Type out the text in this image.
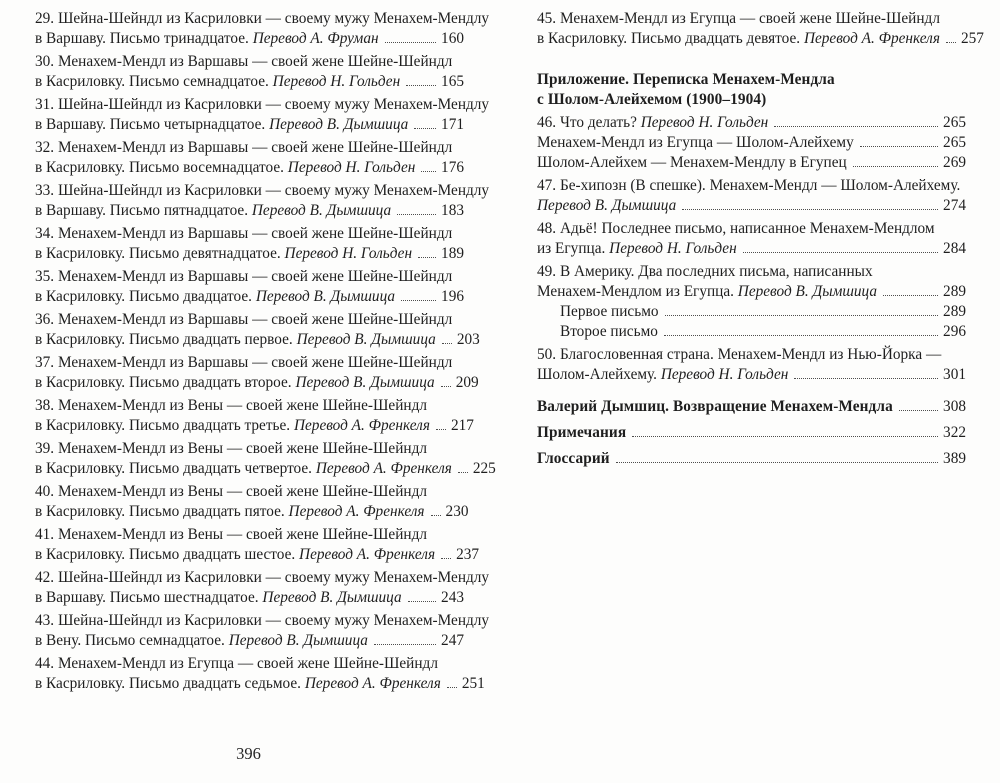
29. Шейна-Шейндл из Касриловки — своему мужу Менахем-Мендлу
в Варшаву. Письмо тринадцатое. Перевод А. Фруман	160
30. Менахем-Мендл из Варшавы — своей жене Шейне-Шейндл
в Касриловку. Письмо семнадцатое. Перевод Н. Гольден	165
31. Шейна-Шейндл из Касриловки — своему мужу Менахем-Мендлу
в Варшаву. Письмо четырнадцатое. Перевод В. Дымшица 171
32. Менахем-Мендл из Варшавы — своей жене Шейне-Шейндл
в Касриловку. Письмо восемнадцатое. Перевод Н. Гольден 176
33. Шейна-Шейндл из Касриловки — своему мужу Менахем-Мендлу
в Варшаву. Письмо пятнадцатое. Перевод В. Дымшица	183
34. Менахем-Мендл из Варшавы — своей жене Шейне-Шейндл
в Касриловку. Письмо девятнадцатое. Перевод Н. Гольден 189
35. Менахем-Мендл из Варшавы — своей жене Шейне-Шейндл
в Касриловку. Письмо двадцатое. Перевод В. Дымшица	196
36. Менахем-Мендл из Варшавы — своей жене Шейне-Шейндл
в Касриловку. Письмо двадцать первое. Перевод В. Дымшица 203
37. Менахем-Мендл из Варшавы — своей жене Шейне-Шейндл
в Касриловку. Письмо двадцать второе. Перевод В. Дымшица 209
38. Менахем-Мендл из Вены — своей жене Шейне-Шейндл
в Касриловку. Письмо двадцать третье. Перевод А. Френкеля 217
39. Менахем-Мендл из Вены — своей жене Шейне-Шейндл
в Касриловку. Письмо двадцать четвертое. Перевод А. Френкеля 225
40. Менахем-Мендл из Вены — своей жене Шейне-Шейндл
в Касриловку. Письмо двадцать пятое. Перевод А. Френкеля 230
41. Менахем-Мендл из Вены — своей жене Шейне-Шейндл
в Касриловку. Письмо двадцать шестое. Перевод А. Френкеля 237
42. Шейна-Шейндл из Касриловки — своему мужу Менахем-Мендлу
в Варшаву. Письмо шестнадцатое. Перевод В. Дымшица	243
43. Шейна-Шейндл из Касриловки — своему мужу Менахем-Мендлу
в Вену. Письмо семнадцатое. Перевод В. Дымшица	247
44. Менахем-Мендл из Егупца — своей жене Шейне-Шейндл
в Касриловку. Письмо двадцать седьмое. Перевод А. Френкеля 251
45. Менахем-Мендл из Егупца — своей жене Шейне-Шейндл
в Касриловку. Письмо двадцать девятое. Перевод А. Френкеля 257
Приложение. Переписка Менахем-Мендла
с Шолом-Алейхемом (1900–1904)
46. Что делать? Перевод Н. Гольден	265
Менахем-Мендл из Егупца — Шолом-Алейхему	265
Шолом-Алейхем — Менахем-Мендлу в Егупец	269
47. Бе-хипозн (В спешке). Менахем-Мендл — Шолом-Алейхему.
Перевод В. Дымшица	274
48. Адьё! Последнее письмо, написанное Менахем-Мендлом
из Егупца. Перевод Н. Гольден	284
49. В Америку. Два последних письма, написанных
Менахем-Мендлом из Егупца. Перевод В. Дымшица	289
Первое письмо	289
Второе письмо	296
50. Благословенная страна. Менахем-Мендл из Нью-Йорка —
Шолом-Алейхему. Перевод Н. Гольден	301
Валерий Дымшиц. Возвращение Менахем-Мендла	308
Примечания	322
Глоссарий	389
396
